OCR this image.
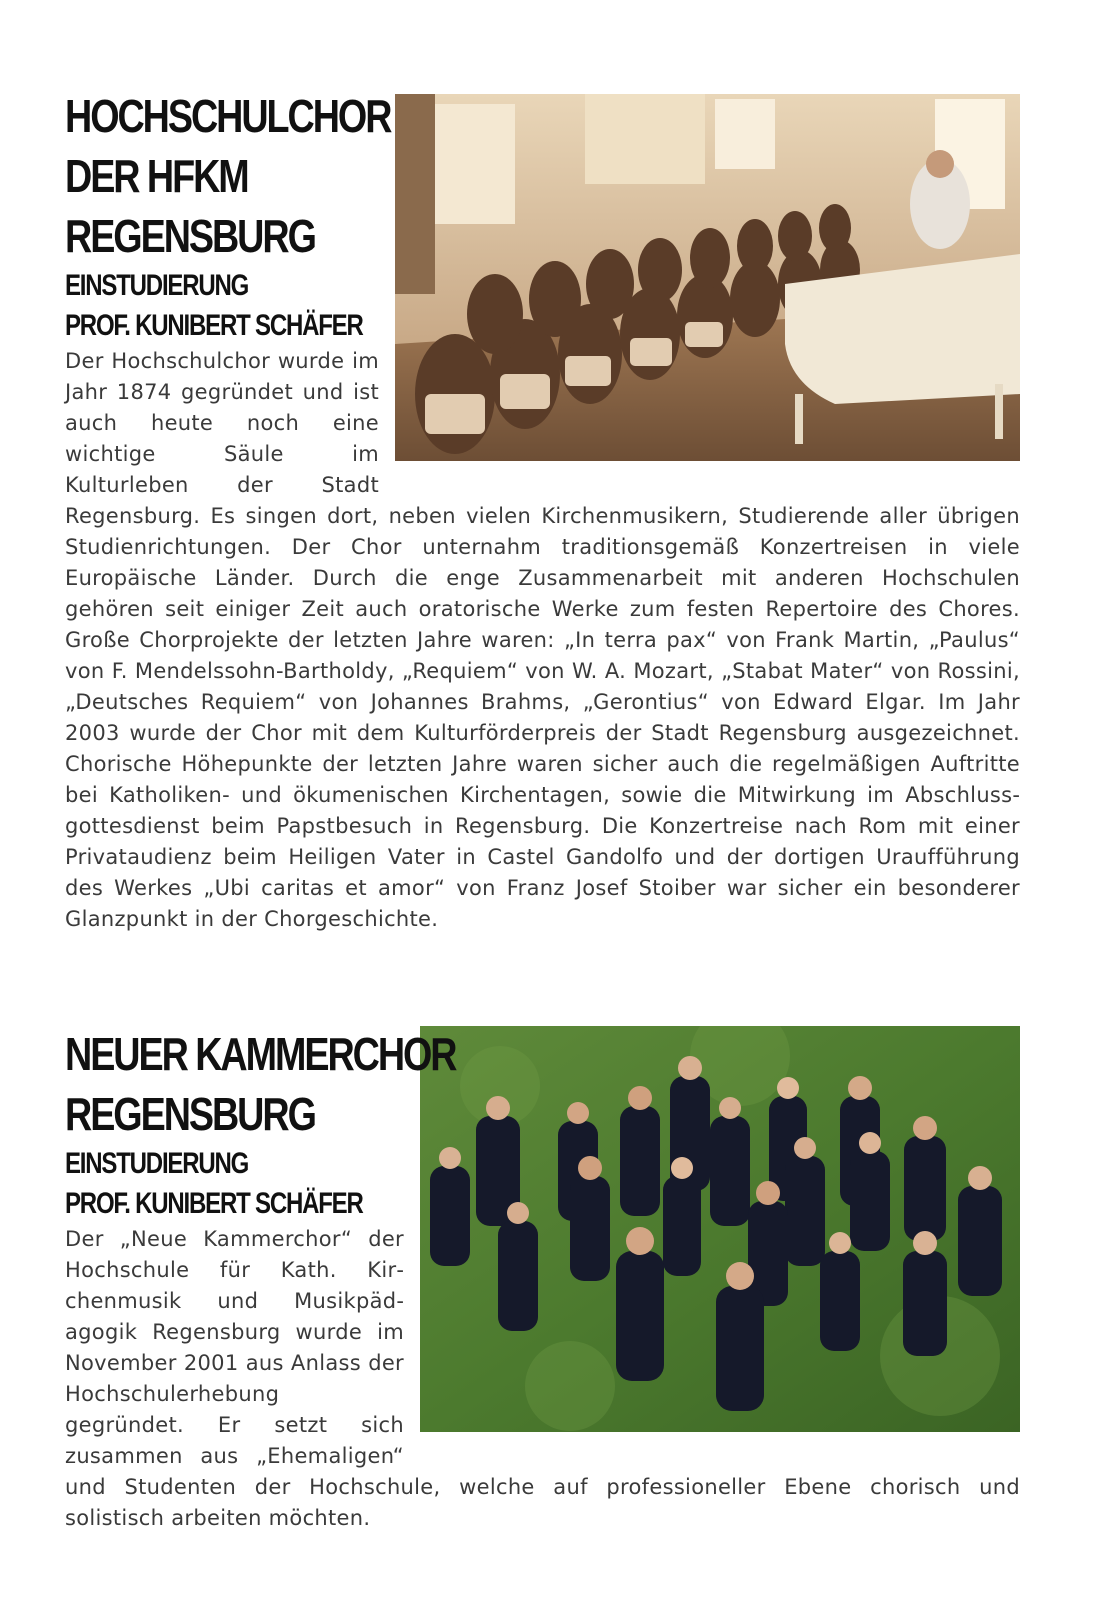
HOCHSCHULCHOR
DER HFKM
REGENSBURG
EINSTUDIERUNG
PROF. KUNIBERT SCHÄFER

Der Hochschulchor wurde im Jahr 1874 gegründet und ist auch heute noch eine wichtige Säule im Kulturleben der Stadt Regensburg. Es singen dort, neben vielen Kirchenmusikern, Studierende aller übrigen Studienrichtungen. Der Chor unternahm traditionsgemäß Konzertreisen in viele Europäische Länder. Durch die enge Zusammenarbeit mit anderen Hochschulen gehören seit einiger Zeit auch oratorische Werke zum festen Repertoire des Chores. Große Chorprojekte der letzten Jahre waren: „In terra pax“ von Frank Martin, „Paulus“ von F. Mendelssohn-Bartholdy, „Requiem“ von W. A. Mozart, „Stabat Mater“ von Rossini, „Deutsches Requiem“ von Johannes Brahms, „Gerontius“ von Edward Elgar. Im Jahr 2003 wurde der Chor mit dem Kulturförderpreis der Stadt Regensburg ausgezeichnet. Chorische Höhepunkte der letzten Jahre waren sicher auch die regelmäßigen Auftritte bei Katholiken- und ökumenischen Kirchentagen, sowie die Mitwirkung im Abschlussgottesdienst beim Papstbesuch in Regensburg. Die Konzertreise nach Rom mit einer Privataudienz beim Heiligen Vater in Castel Gandolfo und der dortigen Uraufführung des Werkes „Ubi caritas et amor“ von Franz Josef Stoiber war sicher ein besonderer Glanzpunkt in der Chorgeschichte.

NEUER KAMMERCHOR
REGENSBURG
EINSTUDIERUNG
PROF. KUNIBERT SCHÄFER

Der „Neue Kammerchor“ der Hochschule für Kath. Kirchenmusik und Musikpädagogik Regensburg wurde im November 2001 aus Anlass der Hochschulerhebung gegründet. Er setzt sich zusammen aus „Ehemaligen“ und Studenten der Hochschule, welche auf professioneller Ebene chorisch und solistisch arbeiten möchten.
